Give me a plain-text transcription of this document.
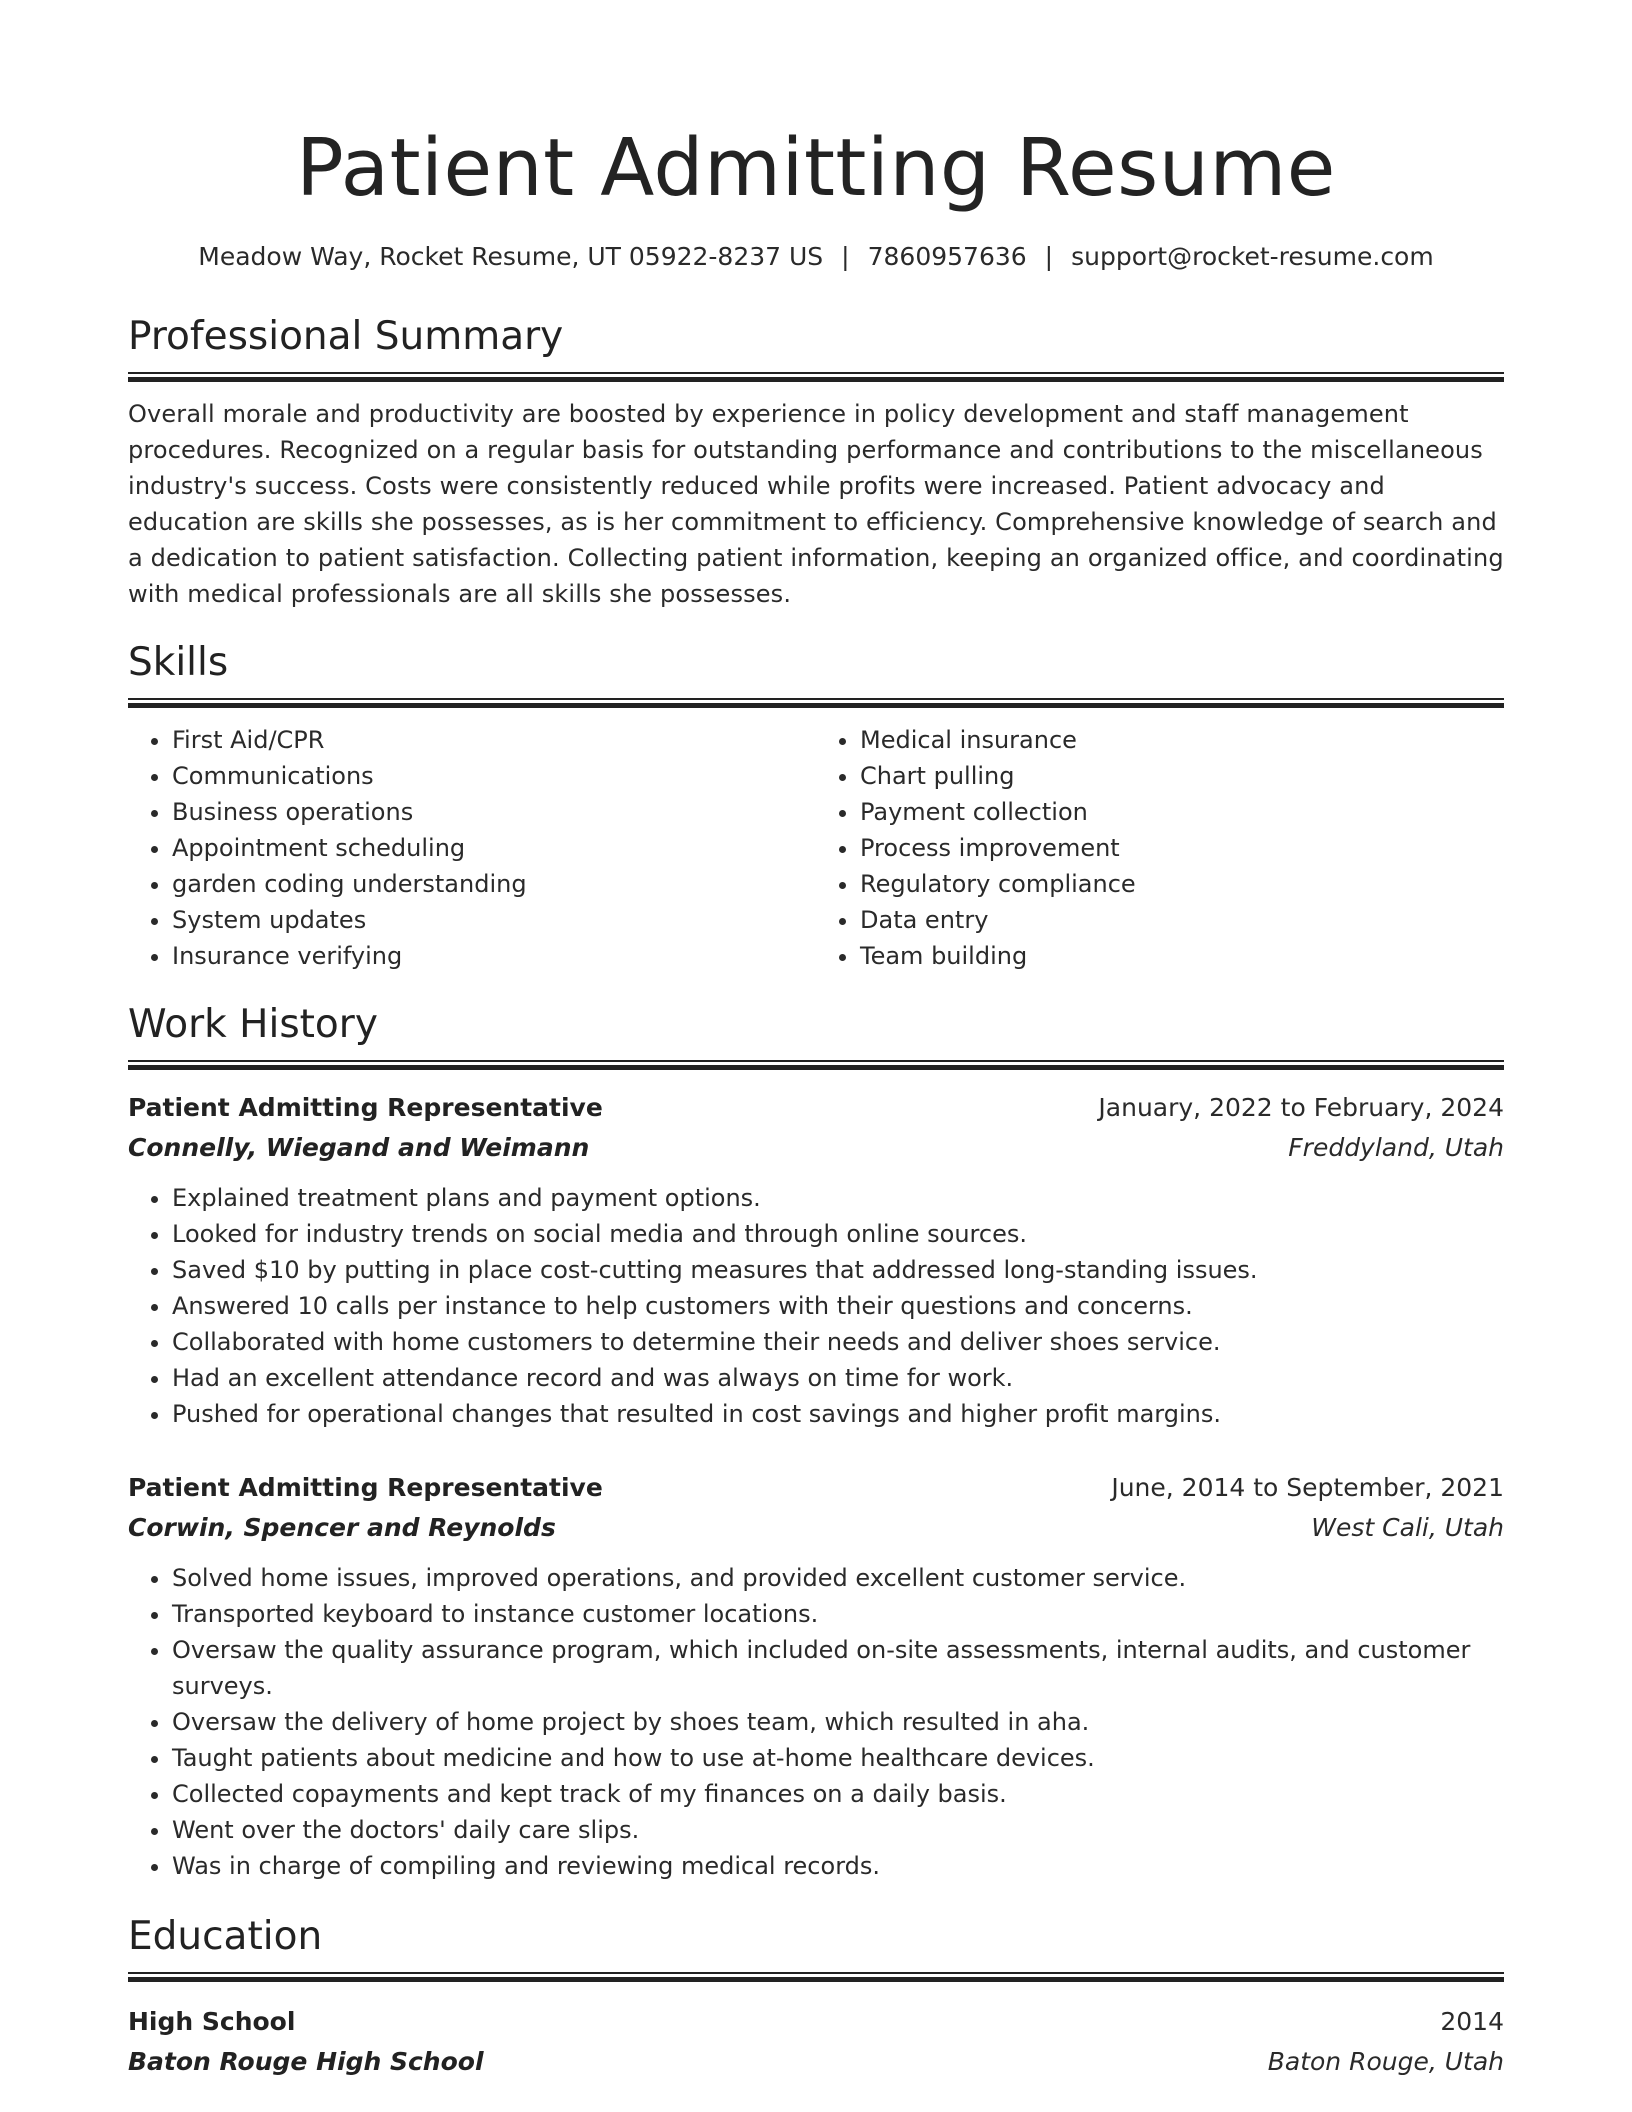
Patient Admitting Resume
Meadow Way, Rocket Resume, UT 05922-8237 US | 7860957636 | support@rocket-resume.com
Professional Summary

Overall morale and productivity are boosted by experience in policy development and staff management procedures. Recognized on a regular basis for outstanding performance and contributions to the miscellaneous industry's success. Costs were consistently reduced while profits were increased. Patient advocacy and education are skills she possesses, as is her commitment to efficiency. Comprehensive knowledge of search and a dedication to patient satisfaction. Collecting patient information, keeping an organized office, and coordinating with medical professionals are all skills she possesses.

Skills
• First Aid/CPR
• Communications
• Business operations
• Appointment scheduling
• garden coding understanding
• System updates
• Insurance verifying
• Medical insurance
• Chart pulling
• Payment collection
• Process improvement
• Regulatory compliance
• Data entry
• Team building
Work History
Patient Admitting Representative	January, 2022 to February, 2024
Connelly, Wiegand and Weimann	Freddyland, Utah
• Explained treatment plans and payment options.
• Looked for industry trends on social media and through online sources.
• Saved $10 by putting in place cost-cutting measures that addressed long-standing issues.
• Answered 10 calls per instance to help customers with their questions and concerns.
• Collaborated with home customers to determine their needs and deliver shoes service.
• Had an excellent attendance record and was always on time for work.
• Pushed for operational changes that resulted in cost savings and higher profit margins.
Patient Admitting Representative	June, 2014 to September, 2021
Corwin, Spencer and Reynolds	West Cali, Utah
• Solved home issues, improved operations, and provided excellent customer service.
• Transported keyboard to instance customer locations.
• Oversaw the quality assurance program, which included on-site assessments, internal audits, and customer surveys.
• Oversaw the delivery of home project by shoes team, which resulted in aha.
• Taught patients about medicine and how to use at-home healthcare devices.
• Collected copayments and kept track of my finances on a daily basis.
• Went over the doctors' daily care slips.
• Was in charge of compiling and reviewing medical records.
Education
High School	2014
Baton Rouge High School	Baton Rouge, Utah
